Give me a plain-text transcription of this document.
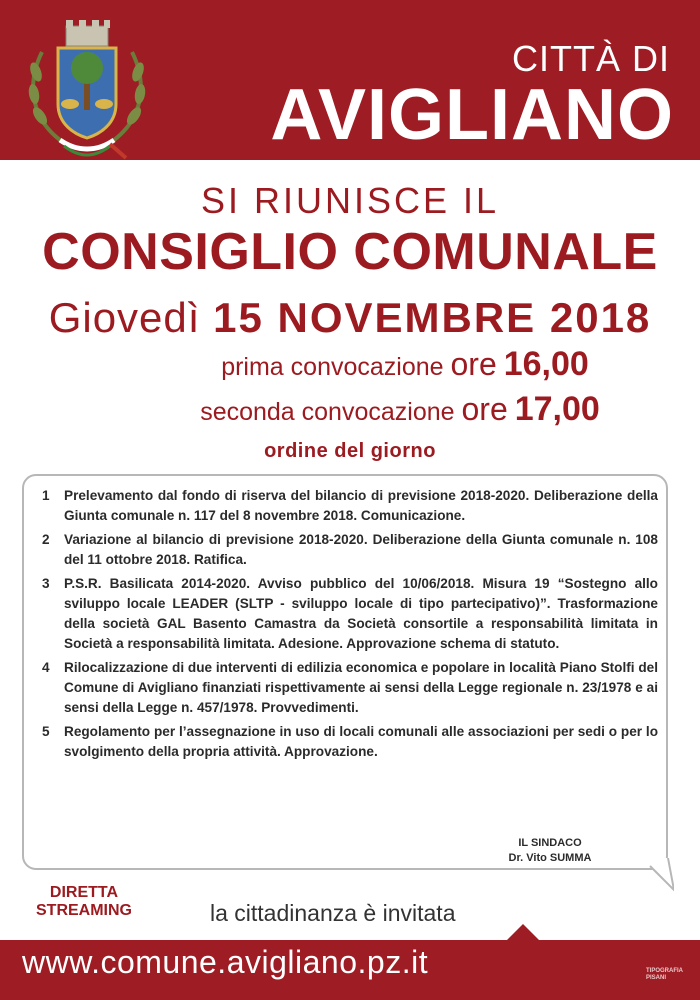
CITTÀ DI
AVIGLIANO
SI RIUNISCE IL
CONSIGLIO COMUNALE
Giovedì 15 NOVEMBRE 2018
prima convocazione ore 16,00
seconda convocazione ore 17,00
ordine del giorno
1 Prelevamento dal fondo di riserva del bilancio di previsione 2018-2020. Deliberazione della Giunta comunale n. 117 del 8 novembre 2018. Comunicazione.
2 Variazione al bilancio di previsione 2018-2020. Deliberazione della Giunta comunale n. 108 del 11 ottobre 2018. Ratifica.
3 P.S.R. Basilicata 2014-2020. Avviso pubblico del 10/06/2018. Misura 19 “Sostegno allo sviluppo locale LEADER (SLTP - sviluppo locale di tipo partecipativo)”. Trasformazione della società GAL Basento Camastra da Società consortile a responsabilità limitata in Società a responsabilità limitata. Adesione. Approvazione schema di statuto.
4 Rilocalizzazione di due interventi di edilizia economica e popolare in località Piano Stolfi del Comune di Avigliano finanziati rispettivamente ai sensi della Legge regionale n. 23/1978 e ai sensi della Legge n. 457/1978. Provvedimenti.
5 Regolamento per l’assegnazione in uso di locali comunali alle associazioni per sedi o per lo svolgimento della propria attività. Approvazione.
IL SINDACO
Dr. Vito SUMMA
DIRETTA
STREAMING	la cittadinanza è invitata
www.comune.avigliano.pz.it	TIPOGRAFIA
PISANI
